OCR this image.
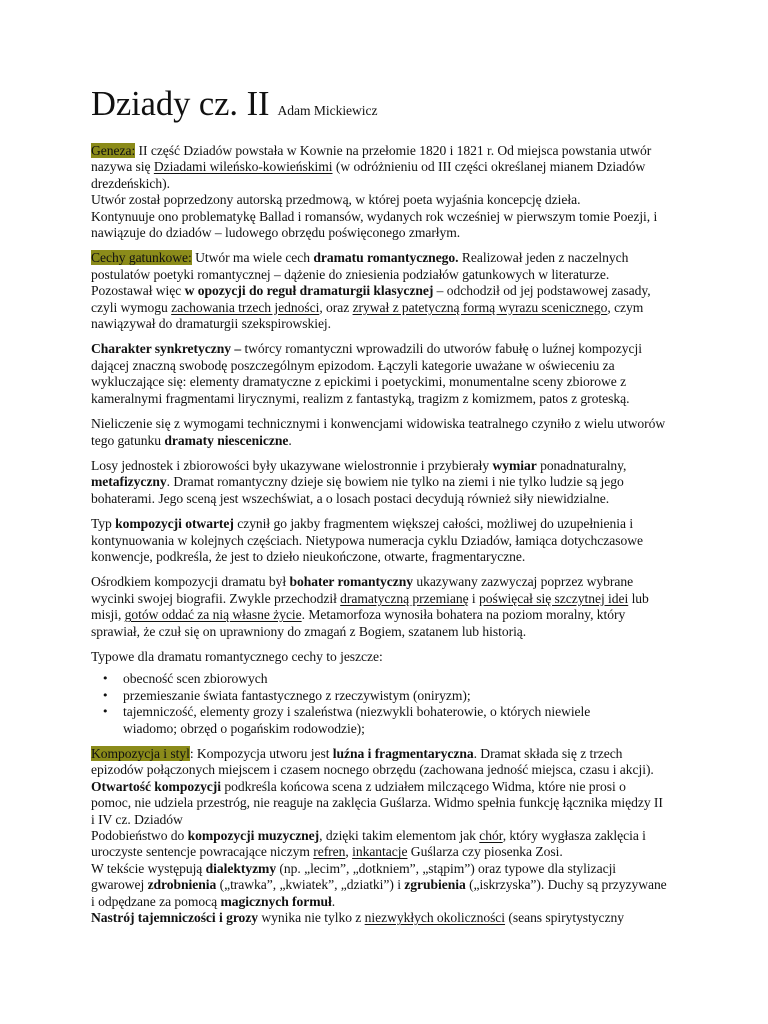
Dziady cz. II Adam Mickiewicz

Geneza: II część Dziadów powstała w Kownie na przełomie 1820 i 1821 r. Od miejsca powstania utwór nazywa się Dziadami wileńsko-kowieńskimi (w odróżnieniu od III części określanej mianem Dziadów drezdeńskich).

Utwór został poprzedzony autorską przedmową, w której poeta wyjaśnia koncepcję dzieła.

Kontynuuje ono problematykę Ballad i romansów, wydanych rok wcześniej w pierwszym tomie Poezji, i nawiązuje do dziadów – ludowego obrzędu poświęconego zmarłym.

Cechy gatunkowe: Utwór ma wiele cech dramatu romantycznego. Realizował jeden z naczelnych postulatów poetyki romantycznej – dążenie do zniesienia podziałów gatunkowych w literaturze. Pozostawał więc w opozycji do reguł dramaturgii klasycznej – odchodził od jej podstawowej zasady, czyli wymogu zachowania trzech jedności, oraz zrywał z patetyczną formą wyrazu scenicznego, czym nawiązywał do dramaturgii szekspirowskiej.

Charakter synkretyczny – twórcy romantyczni wprowadzili do utworów fabułę o luźnej kompozycji dającej znaczną swobodę poszczególnym epizodom. Łączyli kategorie uważane w oświeceniu za wykluczające się: elementy dramatyczne z epickimi i poetyckimi, monumentalne sceny zbiorowe z kameralnymi fragmentami lirycznymi, realizm z fantastyką, tragizm z komizmem, patos z groteską.

Nieliczenie się z wymogami technicznymi i konwencjami widowiska teatralnego czyniło z wielu utworów tego gatunku dramaty niesceniczne.

Losy jednostek i zbiorowości były ukazywane wielostronnie i przybierały wymiar ponadnaturalny, metafizyczny. Dramat romantyczny dzieje się bowiem nie tylko na ziemi i nie tylko ludzie są jego bohaterami. Jego sceną jest wszechświat, a o losach postaci decydują również siły niewidzialne.

Typ kompozycji otwartej czynił go jakby fragmentem większej całości, możliwej do uzupełnienia i kontynuowania w kolejnych częściach. Nietypowa numeracja cyklu Dziadów, łamiąca dotychczasowe konwencje, podkreśla, że jest to dzieło nieukończone, otwarte, fragmentaryczne.

Ośrodkiem kompozycji dramatu był bohater romantyczny ukazywany zazwyczaj poprzez wybrane wycinki swojej biografii. Zwykle przechodził dramatyczną przemianę i poświęcał się szczytnej idei lub misji, gotów oddać za nią własne życie. Metamorfoza wynosiła bohatera na poziom moralny, który sprawiał, że czuł się on uprawniony do zmagań z Bogiem, szatanem lub historią.

Typowe dla dramatu romantycznego cechy to jeszcze:

• obecność scen zbiorowych
• przemieszanie świata fantastycznego z rzeczywistym (oniryzm);
• tajemniczość, elementy grozy i szaleństwa (niezwykli bohaterowie, o których niewiele
wiadomo; obrzęd o pogańskim rodowodzie);

Kompozycja i styl: Kompozycja utworu jest luźna i fragmentaryczna. Dramat składa się z trzech epizodów połączonych miejscem i czasem nocnego obrzędu (zachowana jedność miejsca, czasu i akcji). Otwartość kompozycji podkreśla końcowa scena z udziałem milczącego Widma, które nie prosi o pomoc, nie udziela przestróg, nie reaguje na zaklęcia Guślarza. Widmo spełnia funkcję łącznika między II i IV cz. Dziadów

Podobieństwo do kompozycji muzycznej, dzięki takim elementom jak chór, który wygłasza zaklęcia i uroczyste sentencje powracające niczym refren, inkantacje Guślarza czy piosenka Zosi.

W tekście występują dialektyzmy (np. „lecim”, „dotkniem”, „stąpim”) oraz typowe dla stylizacji gwarowej zdrobnienia („trawka”, „kwiatek”, „dziatki”) i zgrubienia („iskrzyska”). Duchy są przyzywane i odpędzane za pomocą magicznych formuł.

Nastrój tajemniczości i grozy wynika nie tylko z niezwykłych okoliczności (seans spirytystyczny
